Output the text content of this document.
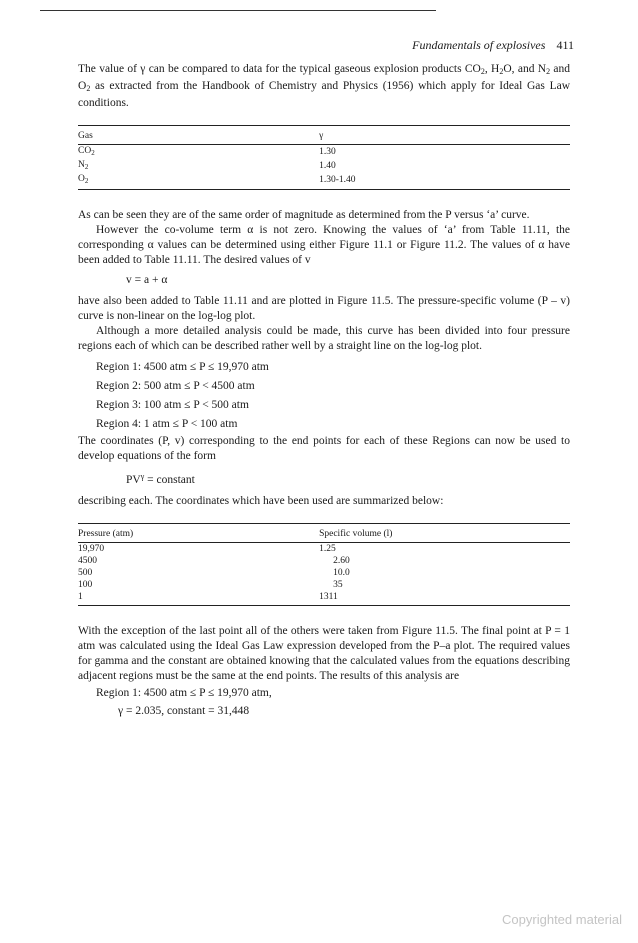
Fundamentals of explosives 411

The value of γ can be compared to data for the typical gaseous explosion products $CO_2$, $H_2O$, and $N_2$ and $O_2$ as extracted from the Handbook of Chemistry and Physics (1956) which apply for Ideal Gas Law conditions.

Gas	γ
$CO_2$	1.30
$N_2$	1.40
$O_2$	1.30-1.40

As can be seen they are of the same order of magnitude as determined from the P versus ‘a’ curve.

However the co-volume term α is not zero. Knowing the values of ‘a’ from Table 11.11, the corresponding α values can be determined using either Figure 11.1 or Figure 11.2. The values of α have been added to Table 11.11. The desired values of v

v = a + α

have also been added to Table 11.11 and are plotted in Figure 11.5. The pressure-specific volume (P – v) curve is non-linear on the log-log plot.

Although a more detailed analysis could be made, this curve has been divided into four pressure regions each of which can be described rather well by a straight line on the log-log plot.

Region 1: 4500 atm ≤ P ≤ 19,970 atm
Region 2: 500 atm ≤ P < 4500 atm
Region 3: 100 atm ≤ P < 500 atm
Region 4: 1 atm ≤ P < 100 atm

The coordinates (P, v) corresponding to the end points for each of these Regions can now be used to develop equations of the form

$PV^\gamma$ = constant

describing each. The coordinates which have been used are summarized below:

Pressure (atm)	Specific volume (l)
19,970	1.25
4500	2.60
500	10.0
100	35
1	1311

With the exception of the last point all of the others were taken from Figure 11.5. The final point at P = 1 atm was calculated using the Ideal Gas Law expression developed from the P–a plot. The required values for gamma and the constant are obtained knowing that the calculated values from the equations describing adjacent regions must be the same at the end points. The results of this analysis are

Region 1: 4500 atm ≤ P ≤ 19,970 atm,
γ = 2.035, constant = 31,448
Copyrighted material
